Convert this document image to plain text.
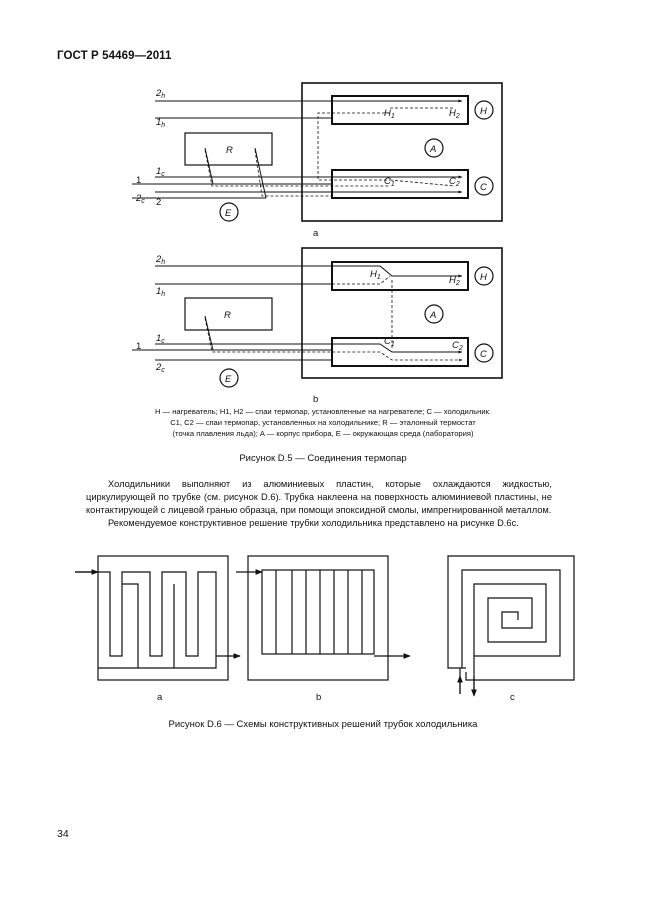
ГОСТ Р 54469—2011
$2_h$
$1_h$
$1_c$
1
$2_c$ 2
R
H
A
C
E
$H_1$	$H_2$
$C_1$	$C_2$
a
$2_h$
$1_h$
$1_c$
1
$2_c$
R
H
A
C
E
$H_1$	$H_2$
$C_1$	$C_2$
b
a	b	c

H — нагреватель; H1, H2 — спаи термопар, установленные на нагревателе; C — холодильник.

C1, C2 — спаи термопар, установленных на холодильнике; R — эталонный термостат

(точка плавления льда); A — корпус прибора, E — окружающая среда (лаборатория)

Рисунок D.5 — Соединения термопар

Холодильники выполняют из алюминиевых пластин, которые охлаждаются жидкостью, циркулирующей по трубке (см. рисунок D.6). Трубка наклеена на поверхность алюминиевой пластины, не контактирующей с лицевой гранью образца, при помощи эпоксидной смолы, импрегнированной металлом.

Рекомендуемое конструктивное решение трубки холодильника представлено на рисунке D.6c.

Рисунок D.6 — Схемы конструктивных решений трубок холодильника
34
